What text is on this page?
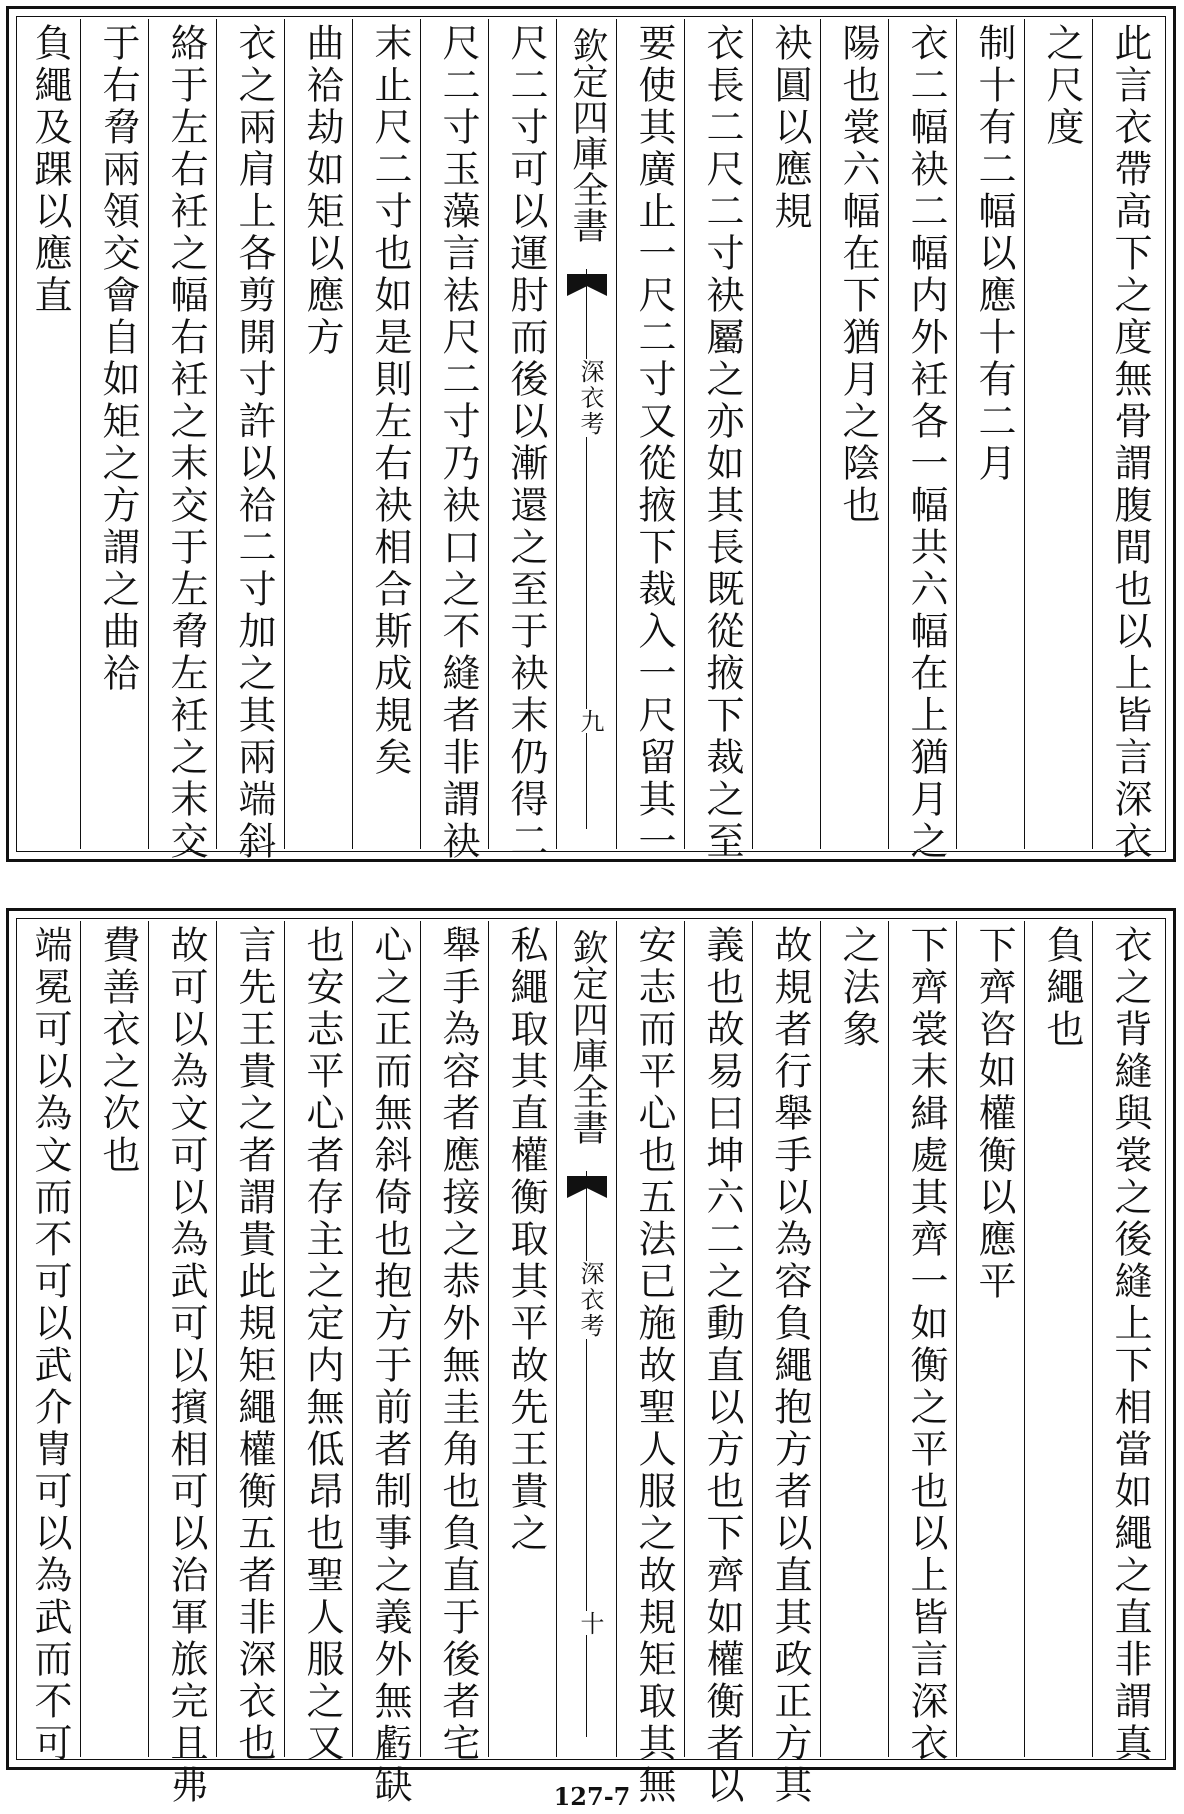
此言衣帶高下之度無骨謂腹間也以上皆言深衣
之尺度
制十有二幅以應十有二月
衣二幅袂二幅内外衽各一幅共六幅在上猶月之
陽也裳六幅在下猶月之陰也
袂圓以應規
衣長二尺二寸袂屬之亦如其長既從掖下裁之至
要使其廣止一尺二寸又從掖下裁入一尺留其一
欽定四庫全書
深衣考
九
尺二寸可以運肘而後以漸還之至于袂末仍得二
尺二寸玉藻言袪尺二寸乃袂口之不縫者非謂袂
末止尺二寸也如是則左右袂相合斯成規矣
曲祫劫如矩以應方
衣之兩肩上各剪開寸許以祫二寸加之其兩端斜
絡于左右衽之幅右衽之末交于左脅左衽之末交
于右脅兩領交會自如矩之方謂之曲祫
負繩及踝以應直
衣之背縫與裳之後縫上下相當如繩之直非謂真
負繩也
下齊咨如權衡以應平
下齊裳末緝處其齊一如衡之平也以上皆言深衣
之法象
故規者行舉手以為容負繩抱方者以直其政正方其
義也故易曰坤六二之動直以方也下齊如權衡者以
安志而平心也五法已施故聖人服之故規矩取其無
欽定四庫全書
深衣考
十
私繩取其直權衡取其平故先王貴之
舉手為容者應接之恭外無圭角也負直于後者宅
心之正而無斜倚也抱方于前者制事之義外無虧缺
也安志平心者存主之定内無低昂也聖人服之又
言先王貴之者謂貴此規矩繩權衡五者非深衣也
故可以為文可以為武可以擯相可以治軍旅完且弗
費善衣之次也
端冕可以為文而不可以武介冑可以為武而不可
127-7
